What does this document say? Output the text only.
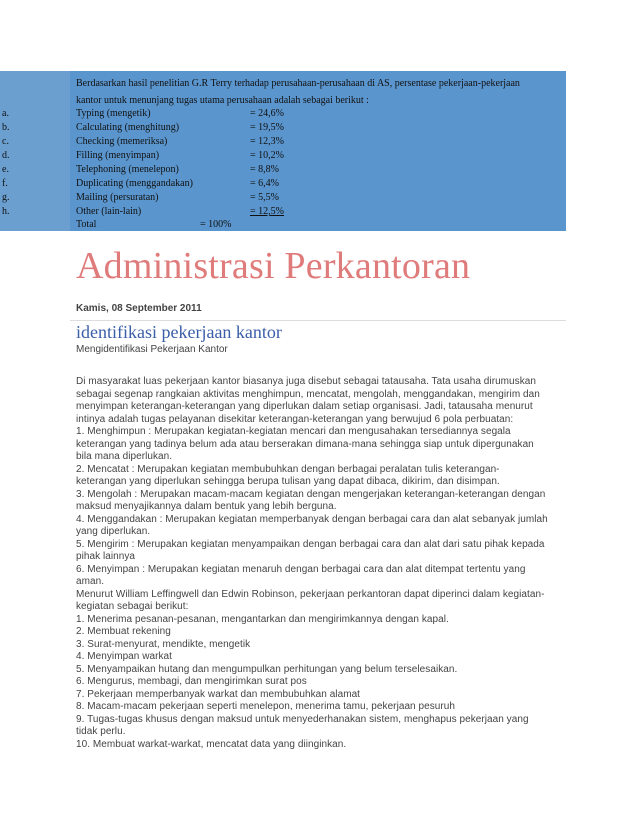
Berdasarkan hasil penelitian G.R Terry terhadap perusahaan-perusahaan di AS, persentase pekerjaan-pekerjaan
kantor untuk menunjang tugas utama perusahaan adalah sebagai berikut :
a.	Typing (mengetik)	= 24,6%
b.	Calculating (menghitung)	= 19,5%
c.	Checking (memeriksa)	= 12,3%
d.	Filling (menyimpan)	= 10,2%
e.	Telephoning (menelepon)	= 8,8%
f.	Duplicating (menggandakan)	= 6,4%
g.	Mailing (persuratan)	= 5,5%
h.	Other (lain-lain)	= 12,5%
Total	= 100%
Administrasi Perkantoran
Kamis, 08 September 2011
identifikasi pekerjaan kantor
Mengidentifikasi Pekerjaan Kantor
Di masyarakat luas pekerjaan kantor biasanya juga disebut sebagai tatausaha. Tata usaha dirumuskan
sebagai segenap rangkaian aktivitas menghimpun, mencatat, mengolah, menggandakan, mengirim dan
menyimpan keterangan-keterangan yang diperlukan dalam setiap organisasi. Jadi, tatausaha menurut
intinya adalah tugas pelayanan disekitar keterangan-keterangan yang berwujud 6 pola perbuatan:
1. Menghimpun : Merupakan kegiatan-kegiatan mencari dan mengusahakan tersediannya segala
keterangan yang tadinya belum ada atau berserakan dimana-mana sehingga siap untuk dipergunakan
bila mana diperlukan.
2. Mencatat : Merupakan kegiatan membubuhkan dengan berbagai peralatan tulis keterangan-
keterangan yang diperlukan sehingga berupa tulisan yang dapat dibaca, dikirim, dan disimpan.
3. Mengolah : Merupakan macam-macam kegiatan dengan mengerjakan keterangan-keterangan dengan
maksud menyajikannya dalam bentuk yang lebih berguna.
4. Menggandakan : Merupakan kegiatan memperbanyak dengan berbagai cara dan alat sebanyak jumlah
yang diperlukan.
5. Mengirim : Merupakan kegiatan menyampaikan dengan berbagai cara dan alat dari satu pihak kepada
pihak lainnya
6. Menyimpan : Merupakan kegiatan menaruh dengan berbagai cara dan alat ditempat tertentu yang
aman.
Menurut William Leffingwell dan Edwin Robinson, pekerjaan perkantoran dapat diperinci dalam kegiatan-
kegiatan sebagai berikut:
1. Menerima pesanan-pesanan, mengantarkan dan mengirimkannya dengan kapal.
2. Membuat rekening
3. Surat-menyurat, mendikte, mengetik
4. Menyimpan warkat
5. Menyampaikan hutang dan mengumpulkan perhitungan yang belum terselesaikan.
6. Mengurus, membagi, dan mengirimkan surat pos
7. Pekerjaan memperbanyak warkat dan membubuhkan alamat
8. Macam-macam pekerjaan seperti menelepon, menerima tamu, pekerjaan pesuruh
9. Tugas-tugas khusus dengan maksud untuk menyederhanakan sistem, menghapus pekerjaan yang
tidak perlu.
10. Membuat warkat-warkat, mencatat data yang diinginkan.
